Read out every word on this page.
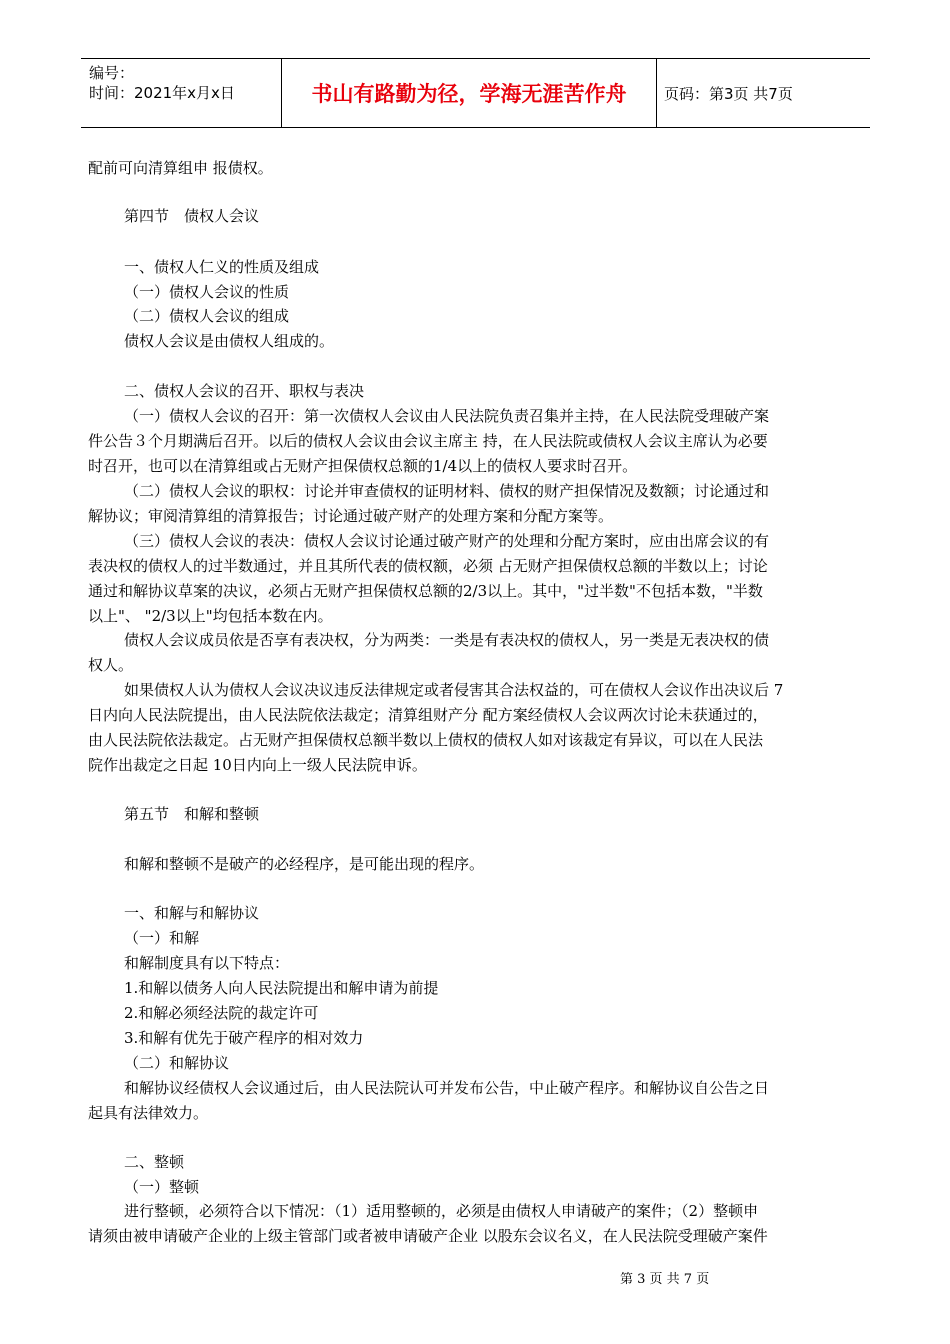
编号：
时间：2021年x月x日	书山有路勤为径，学海无涯苦作舟	页码：第3页 共7页
配前可向清算组申 报债权。
第四节　债权人会议
一、债权人仁义的性质及组成
（一）债权人会议的性质
（二）债权人会议的组成
债权人会议是由债权人组成的。
二、债权人会议的召开、职权与表决
（一）债权人会议的召开：第一次债权人会议由人民法院负责召集并主持，在人民法院受理破产案
件公告３个月期满后召开。以后的债权人会议由会议主席主 持，在人民法院或债权人会议主席认为必要
时召开，也可以在清算组或占无财产担保债权总额的1/4以上的债权人要求时召开。
（二）债权人会议的职权：讨论并审查债权的证明材料、债权的财产担保情况及数额；讨论通过和
解协议；审阅清算组的清算报告；讨论通过破产财产的处理方案和分配方案等。
（三）债权人会议的表决：债权人会议讨论通过破产财产的处理和分配方案时，应由出席会议的有
表决权的债权人的过半数通过，并且其所代表的债权额，必须 占无财产担保债权总额的半数以上；讨论
通过和解协议草案的决议，必须占无财产担保债权总额的2/3以上。其中，"过半数"不包括本数，"半数
以上"、 "2/3以上"均包括本数在内。
债权人会议成员依是否享有表决权，分为两类：一类是有表决权的债权人，另一类是无表决权的债
权人。
如果债权人认为债权人会议决议违反法律规定或者侵害其合法权益的，可在债权人会议作出决议后 7
日内向人民法院提出，由人民法院依法裁定；清算组财产分 配方案经债权人会议两次讨论未获通过的，
由人民法院依法裁定。占无财产担保债权总额半数以上债权的债权人如对该裁定有异议，可以在人民法
院作出裁定之日起 10日内向上一级人民法院申诉。
第五节　和解和整顿
和解和整顿不是破产的必经程序，是可能出现的程序。
一、和解与和解协议
（一）和解
和解制度具有以下特点：
1.和解以债务人向人民法院提出和解申请为前提
2.和解必须经法院的裁定许可
3.和解有优先于破产程序的相对效力
（二）和解协议
和解协议经债权人会议通过后，由人民法院认可并发布公告，中止破产程序。和解协议自公告之日
起具有法律效力。
二、整顿
（一）整顿
进行整顿，必须符合以下情况：（1）适用整顿的，必须是由债权人申请破产的案件；（2）整顿申
请须由被申请破产企业的上级主管部门或者被申请破产企业 以股东会议名义，在人民法院受理破产案件
第 3 页 共 7 页
